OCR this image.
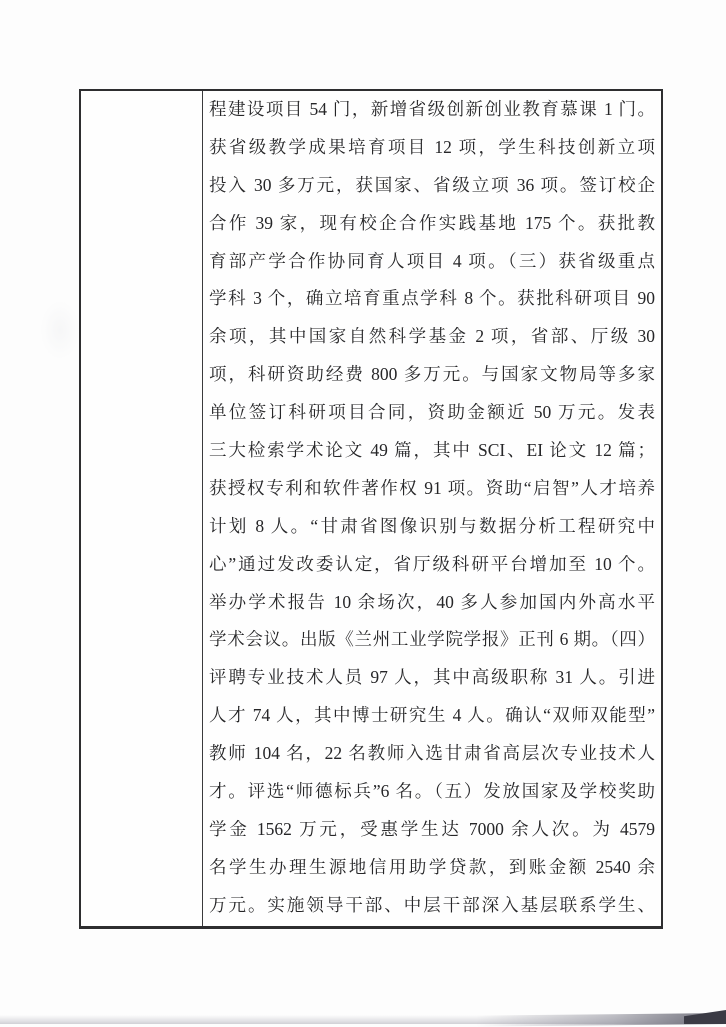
程建设项目 54 门，新增省级创新创业教育慕课 1 门。
获省级教学成果培育项目 12 项，学生科技创新立项
投入 30 多万元，获国家、省级立项 36 项。签订校企
合作 39 家，现有校企合作实践基地 175 个。获批教
育部产学合作协同育人项目 4 项。（三）获省级重点
学科 3 个，确立培育重点学科 8 个。获批科研项目 90
余项，其中国家自然科学基金 2 项，省部、厅级 30
项，科研资助经费 800 多万元。与国家文物局等多家
单位签订科研项目合同，资助金额近 50 万元。发表
三大检索学术论文 49 篇，其中 SCI、EI 论文 12 篇；
获授权专利和软件著作权 91 项。资助“启智”人才培养
计划 8 人。“甘肃省图像识别与数据分析工程研究中
心”通过发改委认定，省厅级科研平台增加至 10 个。
举办学术报告 10 余场次，40 多人参加国内外高水平
学术会议。出版《兰州工业学院学报》正刊 6 期。（四）
评聘专业技术人员 97 人，其中高级职称 31 人。引进
人才 74 人，其中博士研究生 4 人。确认“双师双能型”
教师 104 名，22 名教师入选甘肃省高层次专业技术人
才。评选“师德标兵”6 名。（五）发放国家及学校奖助
学金 1562 万元，受惠学生达 7000 余人次。为 4579
名学生办理生源地信用助学贷款，到账金额 2540 余
万元。实施领导干部、中层干部深入基层联系学生、
